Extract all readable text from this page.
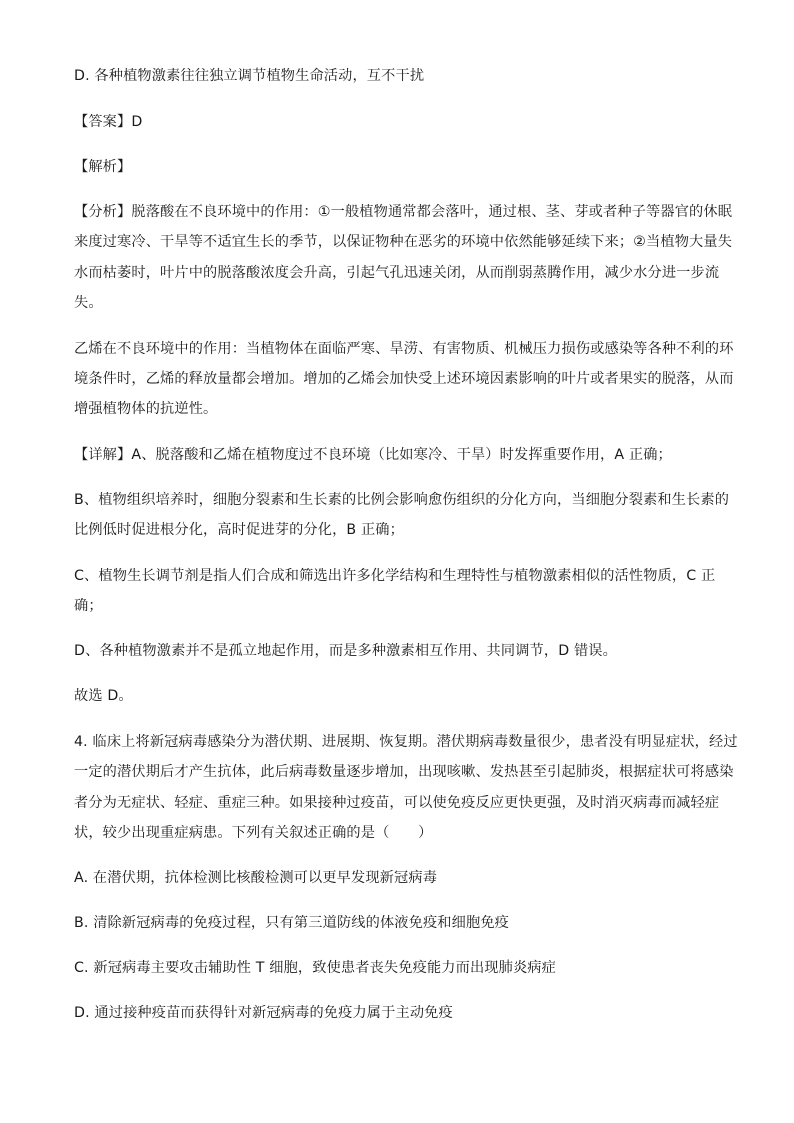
D. 各种植物激素往往独立调节植物生命活动，互不干扰
【答案】D
【解析】
【分析】脱落酸在不良环境中的作用：①一般植物通常都会落叶，通过根、茎、芽或者种子等器官的休眠
来度过寒冷、干旱等不适宜生长的季节，以保证物种在恶劣的环境中依然能够延续下来；②当植物大量失
水而枯萎时，叶片中的脱落酸浓度会升高，引起气孔迅速关闭，从而削弱蒸腾作用，减少水分进一步流
失。
乙烯在不良环境中的作用：当植物体在面临严寒、旱涝、有害物质、机械压力损伤或感染等各种不利的环
境条件时，乙烯的释放量都会增加。增加的乙烯会加快受上述环境因素影响的叶片或者果实的脱落，从而
增强植物体的抗逆性。
【详解】A、脱落酸和乙烯在植物度过不良环境（比如寒冷、干旱）时发挥重要作用，A 正确；
B、植物组织培养时，细胞分裂素和生长素的比例会影响愈伤组织的分化方向，当细胞分裂素和生长素的
比例低时促进根分化，高时促进芽的分化，B 正确；
C、植物生长调节剂是指人们合成和筛选出许多化学结构和生理特性与植物激素相似的活性物质，C 正
确；
D、各种植物激素并不是孤立地起作用，而是多种激素相互作用、共同调节，D 错误。
故选 D。
4. 临床上将新冠病毒感染分为潜伏期、进展期、恢复期。潜伏期病毒数量很少，患者没有明显症状，经过
一定的潜伏期后才产生抗体，此后病毒数量逐步增加，出现咳嗽、发热甚至引起肺炎，根据症状可将感染
者分为无症状、轻症、重症三种。如果接种过疫苗，可以使免疫反应更快更强，及时消灭病毒而减轻症
状，较少出现重症病患。下列有关叙述正确的是（　　）
A. 在潜伏期，抗体检测比核酸检测可以更早发现新冠病毒
B. 清除新冠病毒的免疫过程，只有第三道防线的体液免疫和细胞免疫
C. 新冠病毒主要攻击辅助性 T 细胞，致使患者丧失免疫能力而出现肺炎病症
D. 通过接种疫苗而获得针对新冠病毒的免疫力属于主动免疫
